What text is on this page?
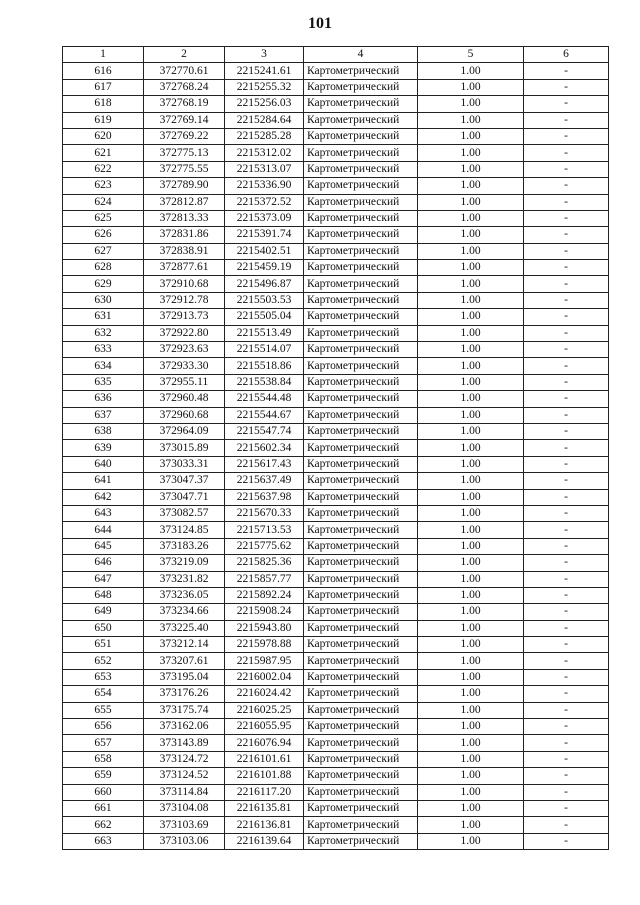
101
1	2	3	4	5	6
616	372770.61	2215241.61	Картометрический	1.00	-
617	372768.24	2215255.32	Картометрический	1.00	-
618	372768.19	2215256.03	Картометрический	1.00	-
619	372769.14	2215284.64	Картометрический	1.00	-
620	372769.22	2215285.28	Картометрический	1.00	-
621	372775.13	2215312.02	Картометрический	1.00	-
622	372775.55	2215313.07	Картометрический	1.00	-
623	372789.90	2215336.90	Картометрический	1.00	-
624	372812.87	2215372.52	Картометрический	1.00	-
625	372813.33	2215373.09	Картометрический	1.00	-
626	372831.86	2215391.74	Картометрический	1.00	-
627	372838.91	2215402.51	Картометрический	1.00	-
628	372877.61	2215459.19	Картометрический	1.00	-
629	372910.68	2215496.87	Картометрический	1.00	-
630	372912.78	2215503.53	Картометрический	1.00	-
631	372913.73	2215505.04	Картометрический	1.00	-
632	372922.80	2215513.49	Картометрический	1.00	-
633	372923.63	2215514.07	Картометрический	1.00	-
634	372933.30	2215518.86	Картометрический	1.00	-
635	372955.11	2215538.84	Картометрический	1.00	-
636	372960.48	2215544.48	Картометрический	1.00	-
637	372960.68	2215544.67	Картометрический	1.00	-
638	372964.09	2215547.74	Картометрический	1.00	-
639	373015.89	2215602.34	Картометрический	1.00	-
640	373033.31	2215617.43	Картометрический	1.00	-
641	373047.37	2215637.49	Картометрический	1.00	-
642	373047.71	2215637.98	Картометрический	1.00	-
643	373082.57	2215670.33	Картометрический	1.00	-
644	373124.85	2215713.53	Картометрический	1.00	-
645	373183.26	2215775.62	Картометрический	1.00	-
646	373219.09	2215825.36	Картометрический	1.00	-
647	373231.82	2215857.77	Картометрический	1.00	-
648	373236.05	2215892.24	Картометрический	1.00	-
649	373234.66	2215908.24	Картометрический	1.00	-
650	373225.40	2215943.80	Картометрический	1.00	-
651	373212.14	2215978.88	Картометрический	1.00	-
652	373207.61	2215987.95	Картометрический	1.00	-
653	373195.04	2216002.04	Картометрический	1.00	-
654	373176.26	2216024.42	Картометрический	1.00	-
655	373175.74	2216025.25	Картометрический	1.00	-
656	373162.06	2216055.95	Картометрический	1.00	-
657	373143.89	2216076.94	Картометрический	1.00	-
658	373124.72	2216101.61	Картометрический	1.00	-
659	373124.52	2216101.88	Картометрический	1.00	-
660	373114.84	2216117.20	Картометрический	1.00	-
661	373104.08	2216135.81	Картометрический	1.00	-
662	373103.69	2216136.81	Картометрический	1.00	-
663	373103.06	2216139.64	Картометрический	1.00	-
